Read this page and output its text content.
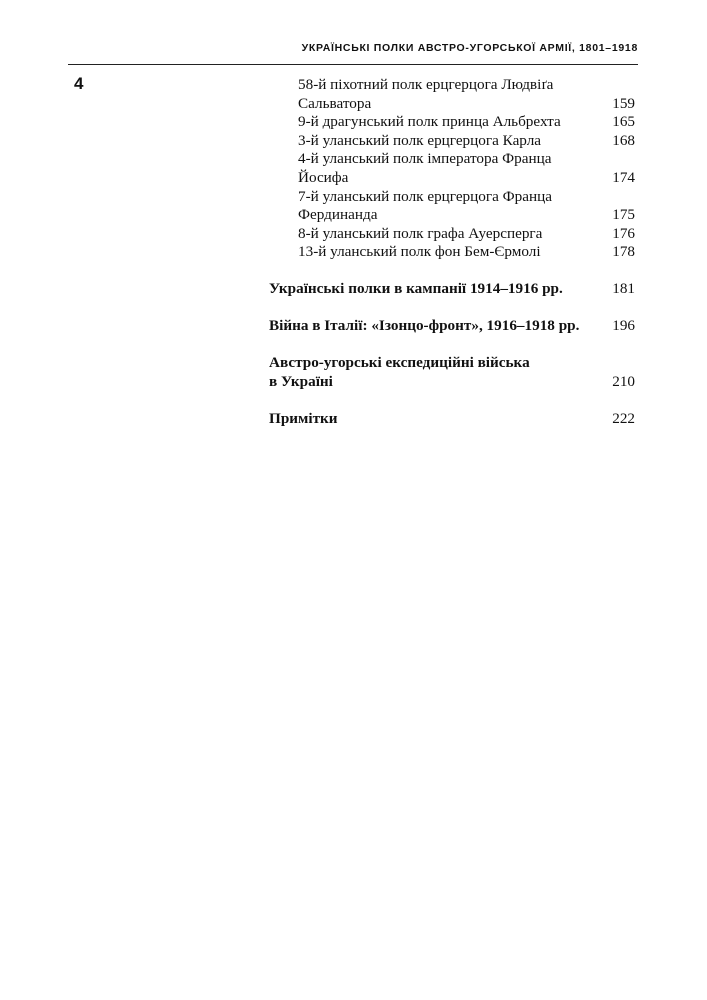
УКРАЇНСЬКІ ПОЛКИ АВСТРО-УГОРСЬКОЇ АРМІЇ, 1801–1918
4	58-й піхотний полк ерцгерцога Людвіґа
Сальватора	159
9-й драгунський полк принца Альбрехта	165
3-й уланський полк ерцгерцога Карла	168
4-й уланський полк імператора Франца
Йосифа	174
7-й уланський полк ерцгерцога Франца
Фердинанда	175
8-й уланський полк графа Ауерсперга	176
13-й уланський полк фон Бем-Єрмолі	178
Українські полки в кампанії 1914–1916 рр.	181
Війна в Італії: «Ізонцо-фронт», 1916–1918 рр.	196
Австро-угорські експедиційні війська
в Україні	210
Примітки	222
